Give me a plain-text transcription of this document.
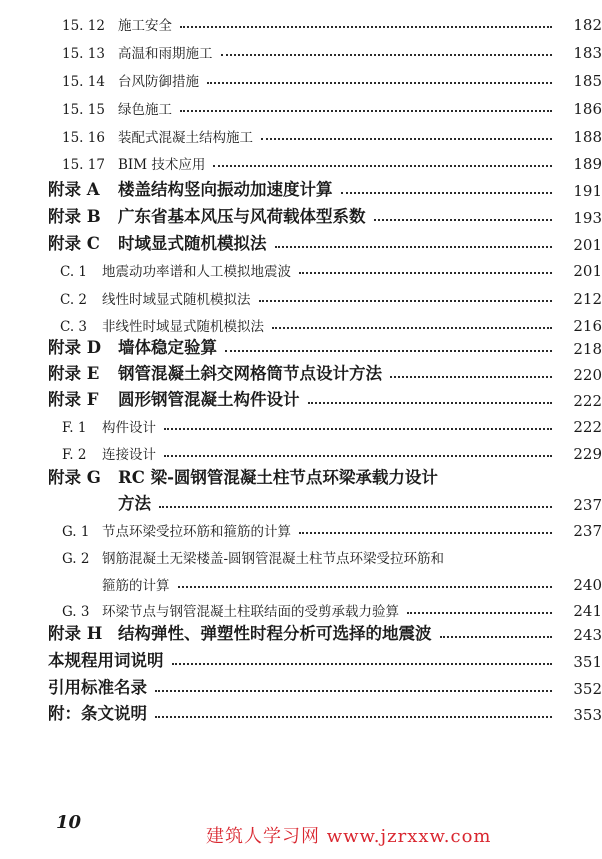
15. 12 施工安全	182
15. 13 高温和雨期施工	183
15. 14 台风防御措施	185
15. 15 绿色施工	186
15. 16 装配式混凝土结构施工	188
15. 17 BIM 技术应用	189
附录 A	楼盖结构竖向振动加速度计算	191
附录 B	广东省基本风压与风荷载体型系数	193
附录 C	时域显式随机模拟法	201
C. 1	地震动功率谱和人工模拟地震波	201
C. 2	线性时域显式随机模拟法	212
C. 3	非线性时域显式随机模拟法	216
附录 D	墙体稳定验算	218
附录 E	钢管混凝土斜交网格筒节点设计方法	220
附录 F	圆形钢管混凝土构件设计	222
F. 1	构件设计	222
F. 2	连接设计	229
附录 G	RC 梁-圆钢管混凝土柱节点环梁承载力设计
方法	237
G. 1 节点环梁受拉环筋和箍筋的计算	237
G. 2 钢筋混凝土无梁楼盖-圆钢管混凝土柱节点环梁受拉环筋和
箍筋的计算	240
G. 3 环梁节点与钢管混凝土柱联结面的受剪承载力验算	241
附录 H 结构弹性、弹塑性时程分析可选择的地震波	243
本规程用词说明	351
引用标准名录	352
附：条文说明	353
10
建筑人学习网 www.jzrxxw.com
